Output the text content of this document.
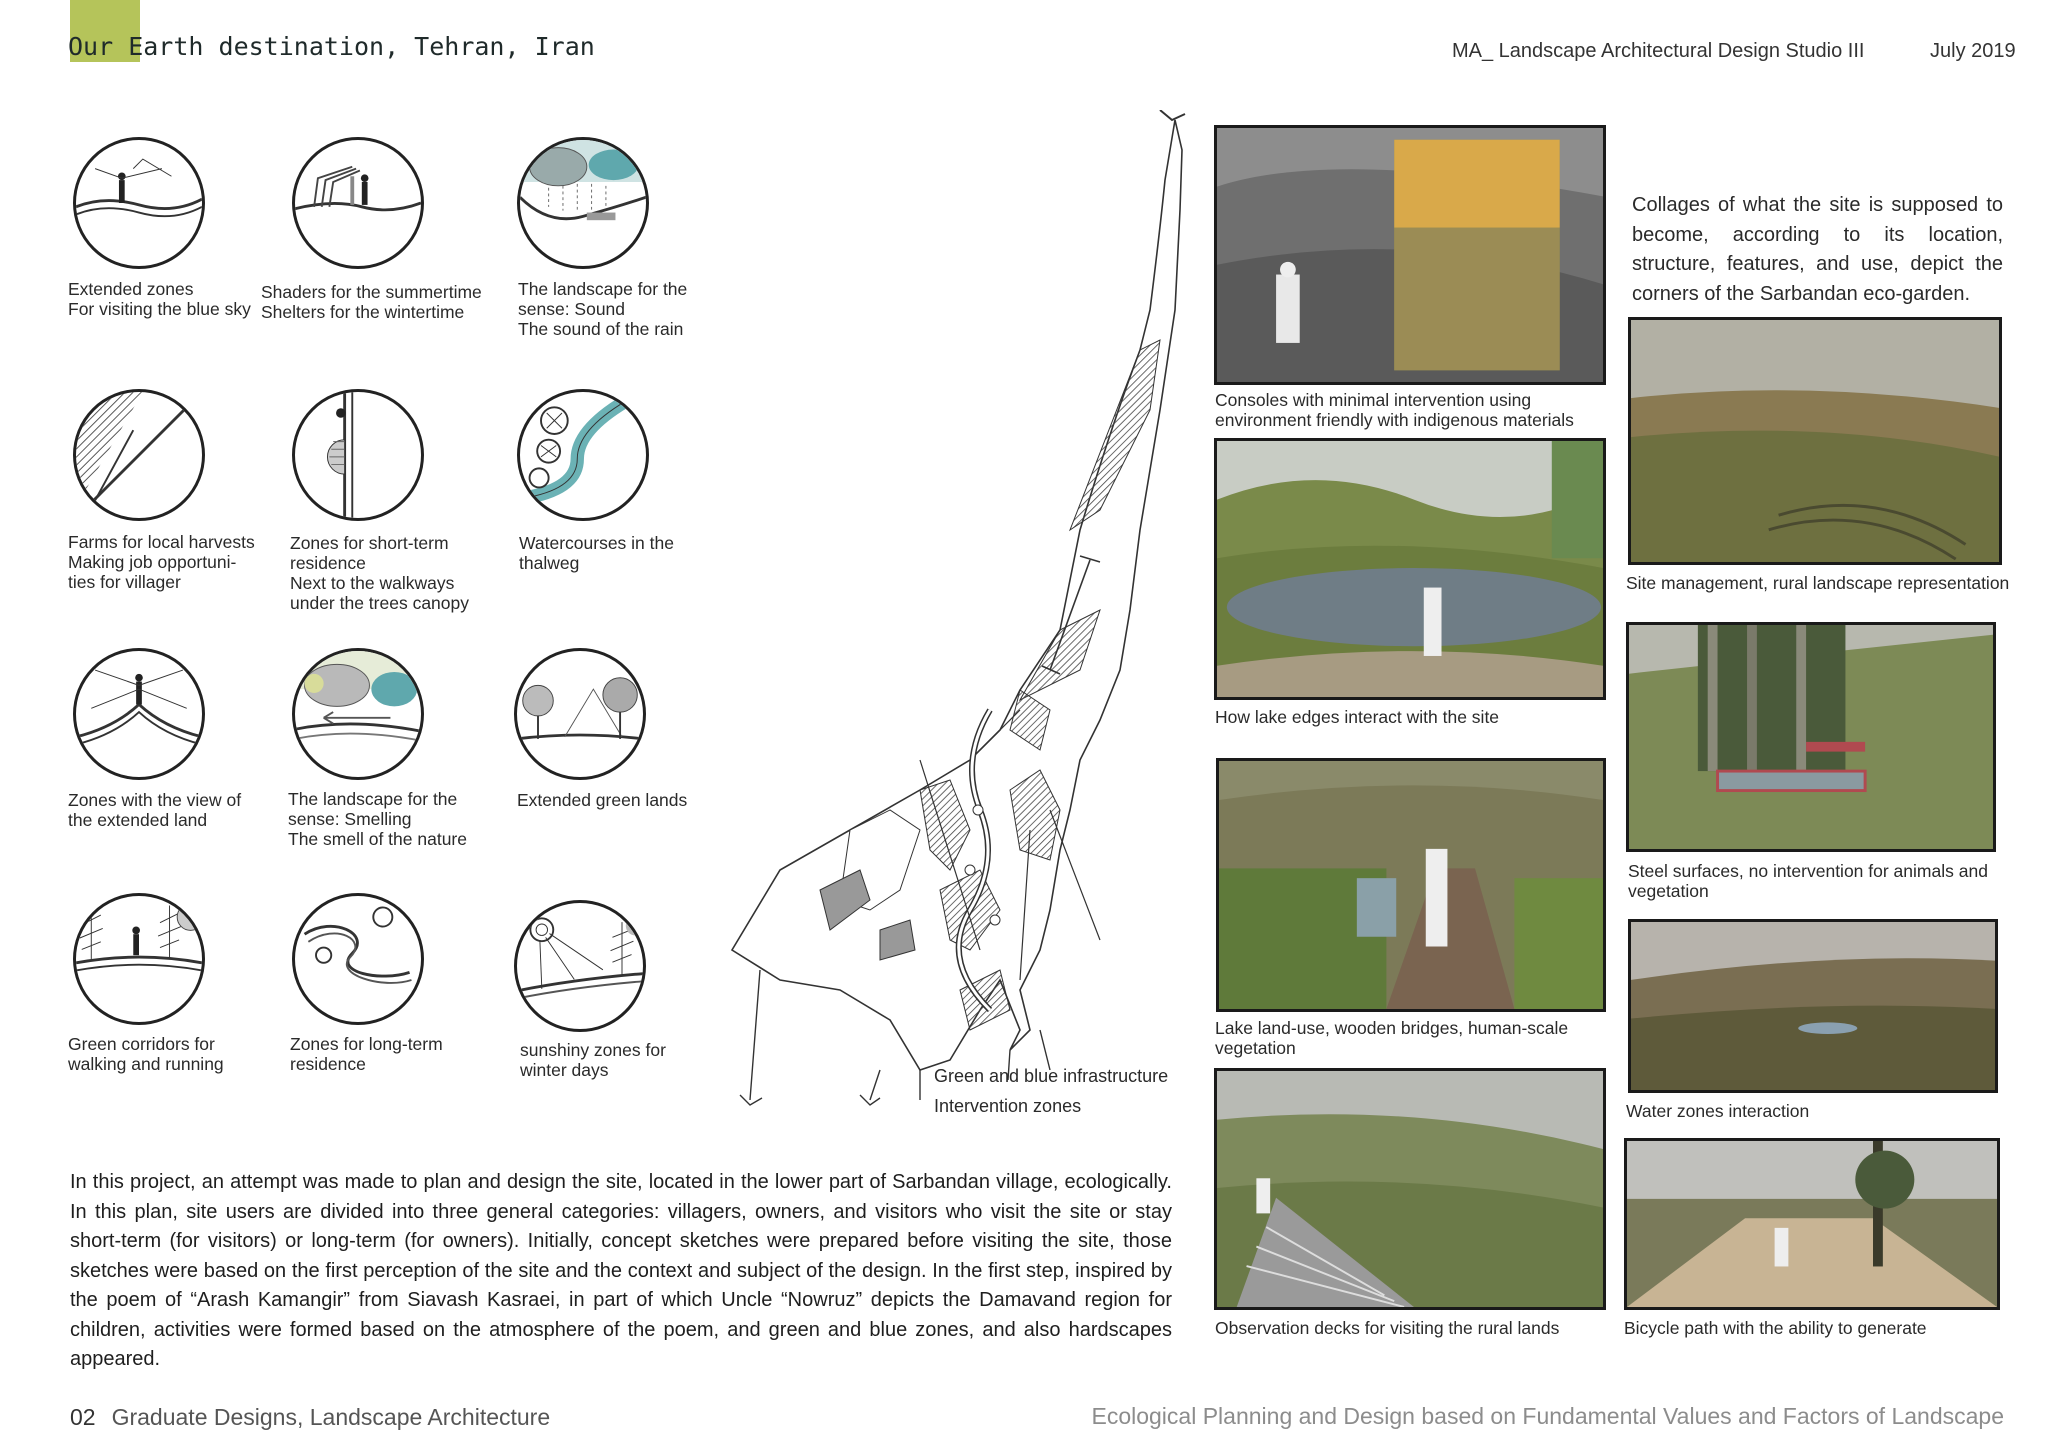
Our Earth destination, Tehran, Iran	MA_ Landscape Architectural Design Studio III	July 2019
Extended zones
For visiting the blue sky
Shaders for the summertime
Shelters for the wintertime
The landscape for the
sense: Sound
The sound of the rain
Farms for local harvests
Making job opportuni-
ties for villager
Zones for short-term
residence
Next to the walkways
under the trees canopy
Watercourses in the
thalweg
Zones with the view of
the extended land
The landscape for the
sense: Smelling
The smell of the nature
Extended green lands
Green corridors for
walking and running
Zones for long-term
residence
sunshiny zones for
winter days	Green and blue infrastructure
Intervention zones
In this project, an attempt was made to plan and design the site, located in the lower part of Sarbandan village, ecologically. In this plan, site users are divided into three general categories: villagers, owners, and visitors who visit the site or stay short-term (for visitors) or long-term (for owners). Initially, concept sketches were prepared before visiting the site, those sketches were based on the first perception of the site and the context and subject of the design. In the first step, inspired by the poem of “Arash Kamangir” from Siavash Kasraei, in part of which Uncle “Nowruz” depicts the Damavand region for children, activities were formed based on the atmosphere of the poem, and green and blue zones, and also hardscapes appeared.
Consoles with minimal intervention using
environment friendly with indigenous materials
How lake edges interact with the site
Lake land-use, wooden bridges, human-scale
vegetation
Observation decks for visiting the rural lands
Collages of what the site is supposed to become, according to its location, structure, features, and use, depict the corners of the Sarbandan eco-garden.
Site management, rural landscape representation
Steel surfaces, no intervention for animals and
vegetation
Water zones interaction
Bicycle path with the ability to generate
02 Graduate Designs, Landscape Architecture	Ecological Planning and Design based on Fundamental Values and Factors of Landscape
